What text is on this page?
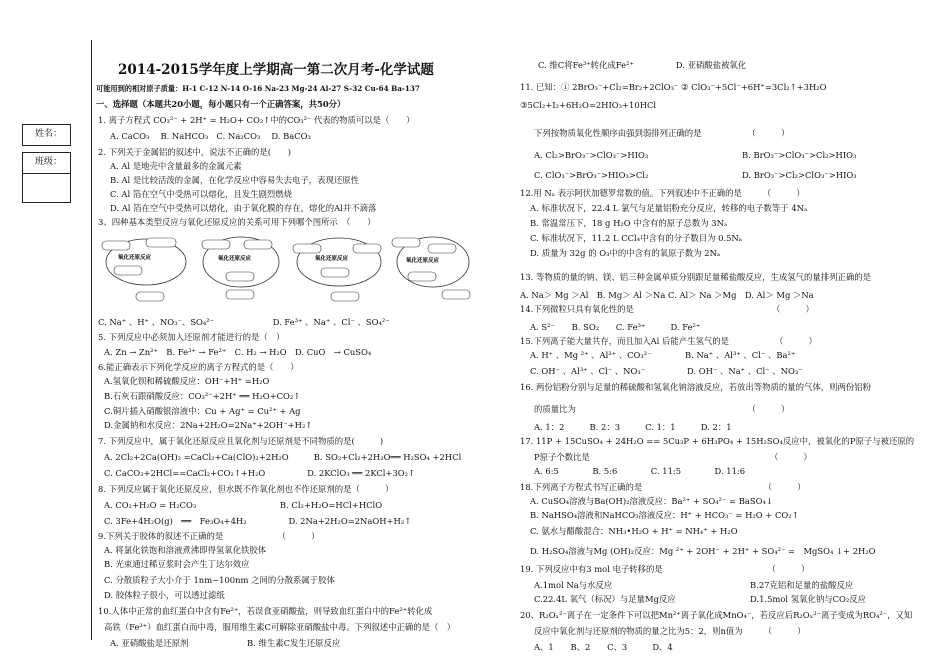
姓名：
班级：
2014-2015学年度上学期高一第二次月考-化学试题
可能用到的相对原子质量：H-1 C-12 N-14 O-16 Na-23 Mg-24 Al-27 S-32 Cu-64 Ba-137
一、选择题（本题共20小题，每小题只有一个正确答案，共50分）
1. 离子方程式 CO₃²⁻ + 2H⁺ = H₂O+ CO₂↑中的CO₃²⁻ 代表的物质可以是（　　）
A. CaCO₃　 B. NaHCO₃　C. Na₂CO₃　 D. BaCO₃
2. 下列关于金属铝的叙述中，说法不正确的是(　　)
A. Al 是地壳中含量最多的金属元素
B. Al 是比较活泼的金属，在化学反应中容易失去电子，表现还原性
C. Al 箔在空气中受热可以熔化，且发生剧烈燃烧
D. Al 箔在空气中受热可以熔化，由于氧化膜的存在，熔化的Al并不滴落
3、四种基本类型反应与氧化还原反应的关系可用下列哪个图所示　（　　）
C. Na⁺ 、H⁺ 、NO₃⁻、SO₄²⁻　　　　　　　D. Fe³⁺ 、Na⁺ 、Cl⁻ 、SO₄²⁻
5. 下列反应中必须加入还原剂才能进行的是（　）
A. Zn → Zn²⁺　B. Fe³⁺ → Fe²⁺　C. H₂ → H₂O　D. CuO　→ CuSO₄
6.能正确表示下列化学反应的离子方程式的是（　　）
A.氢氧化钡和稀硫酸反应：OH⁻+H⁺ =H₂O
B.石灰石跟硝酸反应：CO₃²⁻+2H⁺ ══ H₂O+CO₂↑
C.铜片插入硝酸银溶液中：Cu + Ag⁺ = Cu²⁺ + Ag
D.金属钠和水反应：2Na+2H₂O=2Na⁺+2OH⁻+H₂↑
7. 下列反应中，属于氧化还原反应且氧化剂与还原剂是不同物质的是(　　　)
A. 2Cl₂+2Ca(OH)₂ =CaCl₂+Ca(ClO)₂+2H₂O　　　B. SO₂+Cl₂+2H₂O══ H₂SO₄ +2HCl
C. CaCO₃+2HCl==CaCl₂+CO₂↑+H₂O　　　　　D. 2KClO₃ ══ 2KCl+3O₂↑
8. 下列反应属于氧化还原反应，但水既不作氧化剂也不作还原剂的是（　　　）
A. CO₂+H₂O = H₂CO₃　　　　　　　　　　B. Cl₂+H₂O=HCl+HClO
C. 3Fe+4H₂O(g)　══　Fe₃O₄+4H₂　　　　　D. 2Na+2H₂O=2NaOH+H₂↑
9.下列关于胶体的叙述不正确的是　　　　　　　（　　　）
A. 将氯化铁饱和溶液煮沸即得氢氧化铁胶体
B. 光束通过稀豆浆时会产生丁达尔效应
C. 分散质粒子大小介于 1nm~100nm 之间的分散系属于胶体
D. 胶体粒子很小，可以透过滤纸
10.人体中正常的血红蛋白中含有Fe²⁺，若误食亚硝酸盐，则导致血红蛋白中的Fe²⁺转化成
高铁（Fe³⁺）血红蛋白而中毒，服用维生素C可解除亚硝酸盐中毒。下列叙述中正确的是（　）
A. 亚硝酸盐是还原剂　　　　　　　B. 维生素C发生还原反应
氧化还原反应	氧化还原反应	氧化还原反应	氧化还原反应
C. 维C将Fe³⁺转化成Fe²⁺　　　　　D. 亚硝酸盐被氧化
11. 已知：① 2BrO₃⁻+Cl₂=Br₂+2ClO₃⁻ ② ClO₃⁻+5Cl⁻+6H⁺=3Cl₂↑+3H₂O
③5Cl₂+I₂+6H₂O=2HIO₃+10HCl
下列按物质氧化性顺序由强到弱排列正确的是　　　　　　（　　　）
A. Cl₂>BrO₃⁻>ClO₃⁻>HIO₃	B. BrO₃⁻>ClO₃⁻>Cl₂>HIO₃
C. ClO₃⁻>BrO₃⁻>HIO₃>Cl₂	D. BrO₃⁻>Cl₂>ClO₃⁻>HIO₃
12.用 Nₐ 表示阿伏加德罗常数的值。下列叙述中不正确的是　　　（　　　）
A. 标准状况下，22.4 L 氯气与足量铝粉充分反应，转移的电子数等于 4Nₐ
B. 常温常压下，18 g H₂O 中含有的原子总数为 3Nₐ
C. 标准状况下，11.2 L CCl₄中含有的分子数目为 0.5Nₐ
D. 质量为 32g 的 O₃中的中含有的氧原子数为 2Nₐ
13. 等物质的量的钠、镁、铝三种金属单质分别跟足量稀盐酸反应，生成氢气的量排列正确的是
A. Na＞ Mg ＞Al　B. Mg＞ Al ＞Na C. Al＞ Na ＞Mg　D. Al＞ Mg ＞Na
14.下列微粒只具有氧化性的是　　　　　　　　　　　　　　　　　（　　　）
A. S²⁻　　B. SO₂　　C. Fe³⁺　　　D. Fe²⁺
15.下列离子能大量共存，而且加入Al 后能产生氢气的是　　　　　　（　　　）
A. H⁺ 、Mg ²⁺ 、Al³⁺ 、CO₃²⁻　　　　B. Na⁺ 、Al³⁺ 、Cl⁻ 、Ba²⁺
C. OH⁻ 、Al³⁺ 、Cl⁻ 、NO₃⁻　　　　　D. OH⁻ 、Na⁺ 、Cl⁻ 、NO₃⁻
16. 两份铝粉分别与足量的稀硫酸和氢氧化钠溶液反应，若放出等物质的量的气体，则两份铝粉
的质量比为　　　　　　　　　　　　　　　　　　　　　（　　　）
A. 1：2　　　B. 2：3　　　C. 1：1　　　D. 2：1
17. 11P + 15CuSO₄ + 24H₂O == 5Cu₃P + 6H₃PO₄ + 15H₂SO₄反应中，被氧化的P原子与被还原的
P原子个数比是　　　　　　　　　　　　　　　　　　　　　　（　　　）
A. 6:5　　　　B. 5:6　　　　C. 11:5　　　　D. 11:6
18.下列离子方程式书写正确的是　　　　　　　　　　　　　　　（　　　）
A. CuSO₄溶液与Ba(OH)₂溶液反应：Ba²⁺ + SO₄²⁻ = BaSO₄↓
B. NaHSO₄溶液和NaHCO₃溶液反应：H⁺ + HCO₃⁻ = H₂O + CO₂↑
C. 氨水与醋酸混合：NH₃•H₂O + H⁺ = NH₄⁺ + H₂O
D. H₂SO₄溶液与Mg (OH)₂反应：Mg ²⁺ + 2OH⁻ + 2H⁺ + SO₄²⁻ =　MgSO₄ ↓+ 2H₂O
19. 下列反应中有3 mol 电子转移的是　　　　　　　　　　　　　（　　　）
A.1mol Na与水反应	B.27克铝和足量的盐酸反应
C.22.4L 氧气（标况）与足量Mg反应	D.1.5mol 氢氧化钠与CO₂反应
20、R₂Oₓ²⁻离子在一定条件下可以把Mn²⁺离子氧化成MnO₄⁻，若反应后R₂Oₓ²⁻离子变成为RO₄²⁻，又知
反应中氧化剂与还原剂的物质的量之比为5：2，则n值为　　　（　　　）
A、1　　B、2　　C、3　　　D、4
